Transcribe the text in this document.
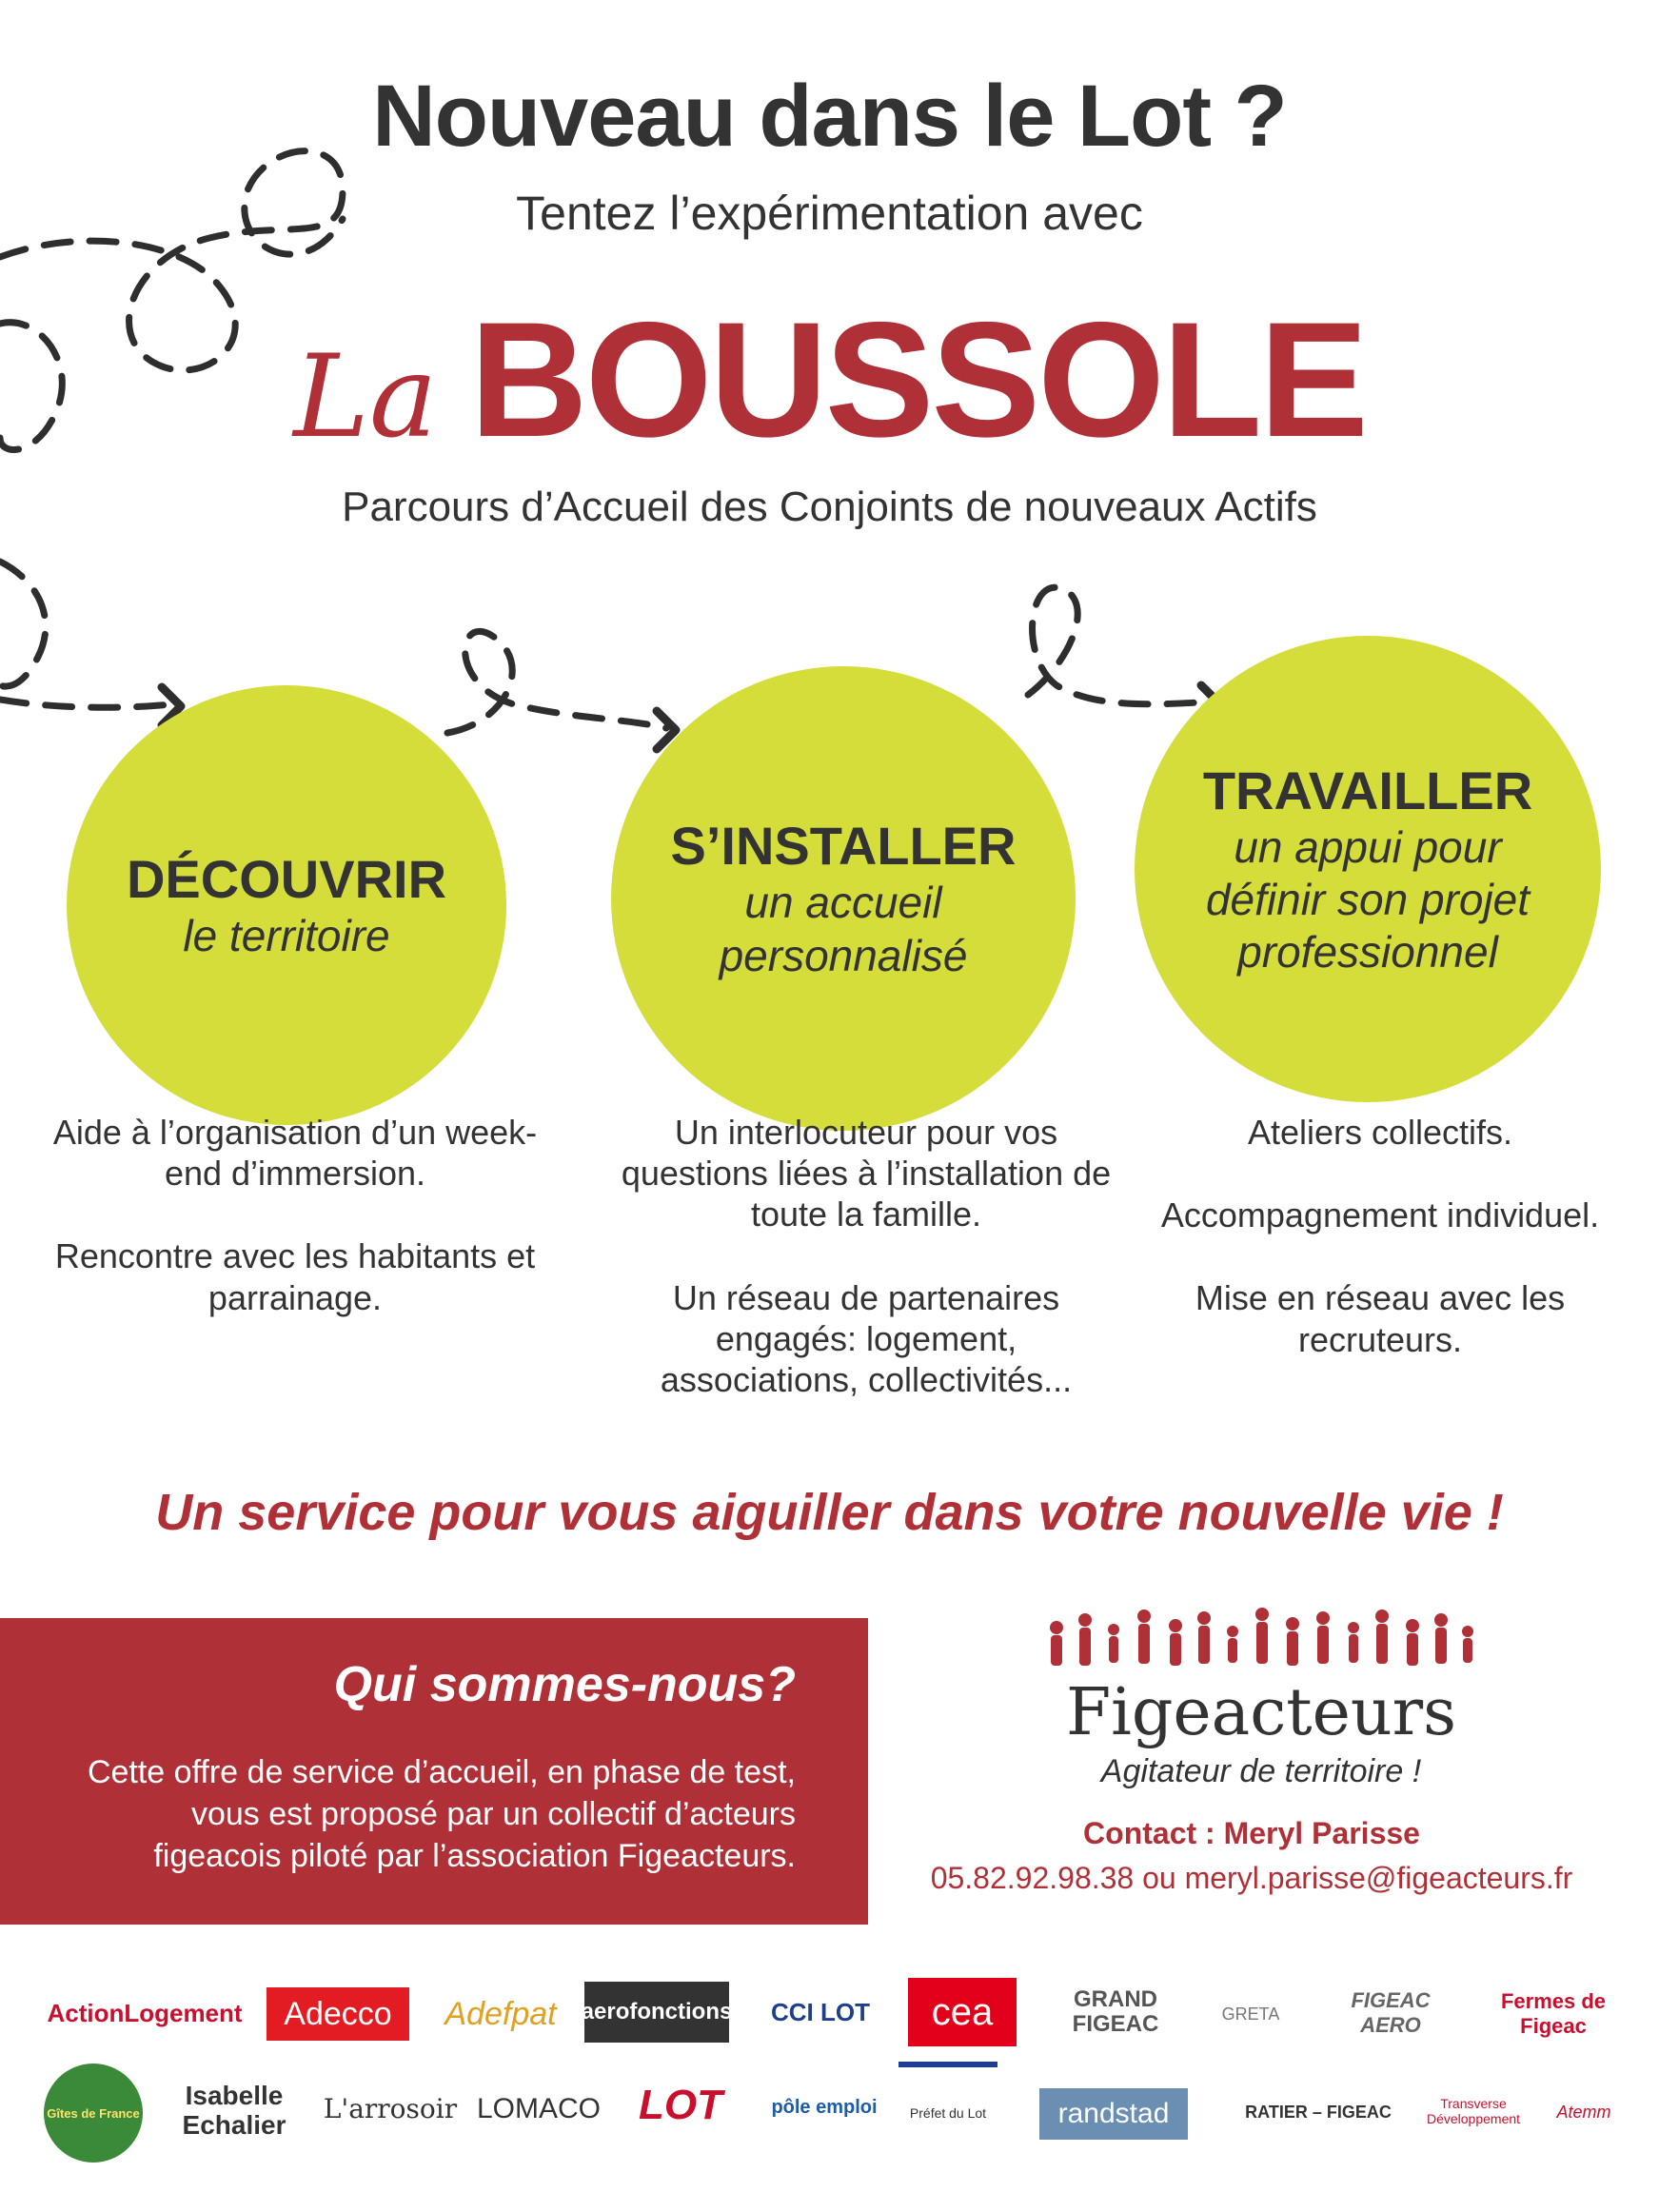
Nouveau dans le Lot ?
Tentez l’expérimentation avec
La BOUSSOLE
Parcours d’Accueil des Conjoints de nouveaux Actifs
DÉCOUVRIR
le territoire
S’INSTALLER
un accueil personnalisé
TRAVAILLER
un appui pour définir son projet professionnel

Aide à l’organisation d’un week-end d’immersion.

Rencontre avec les habitants et parrainage.

Un interlocuteur pour vos questions liées à l’installation de toute la famille.

Un réseau de partenaires engagés: logement, associations, collectivités...

Ateliers collectifs.

Accompagnement individuel.

Mise en réseau avec les recruteurs.

Un service pour vous aiguiller dans votre nouvelle vie !
Qui sommes-nous?
Cette offre de service d’accueil, en phase de test, vous est proposé par un collectif d’acteurs figeacois piloté par l’association Figeacteurs.
Figeacteurs
Agitateur de territoire !
Contact : Meryl Parisse
05.82.92.98.38 ou meryl.parisse@figeacteurs.fr
ActionLogement	Adecco	Adefpat	aerofonctions	CCI LOT	cea	GRAND FIGEAC	GRETA
FIGEAC AERO
Fermes de Figeac
Gîtes de France
Isabelle Echalier
L'arrosoir LOMACO LOT	pôle emploi	Préfet du Lot	randstad	RATIER – FIGEAC	Transverse Développement	Atemm
